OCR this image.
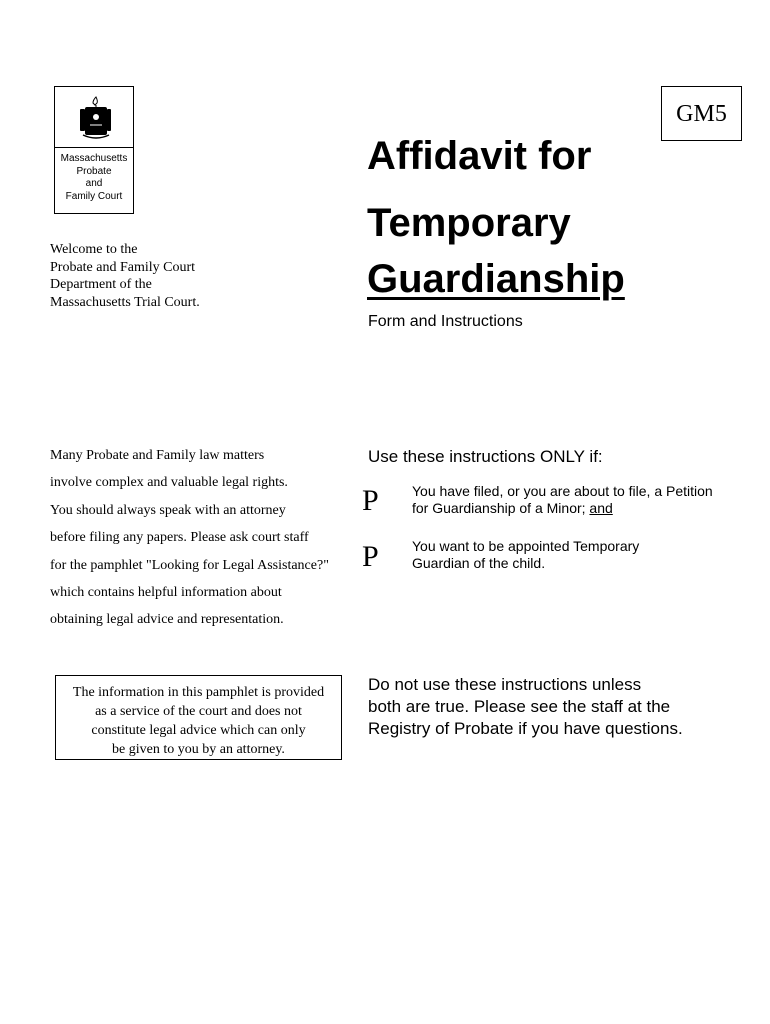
Massachusetts
Probate
and
Family Court
GM5
Affidavit for
Temporary
Guardianship
Form and Instructions
Welcome to the
Probate and Family Court
Department of the
Massachusetts Trial Court.
Many Probate and Family law matters
involve complex and valuable legal rights.
You should always speak with an attorney
before filing any papers. Please ask court staff
for the pamphlet "Looking for Legal Assistance?"
which contains helpful information about
obtaining legal advice and representation.
Use these instructions ONLY if:
P You have filed, or you are about to file, a Petition
for Guardianship of a Minor; and
P You want to be appointed Temporary
Guardian of the child.
The information in this pamphlet is provided
as a service of the court and does not
constitute legal advice which can only
be given to you by an attorney.
Do not use these instructions unless
both are true. Please see the staff at the
Registry of Probate if you have questions.
